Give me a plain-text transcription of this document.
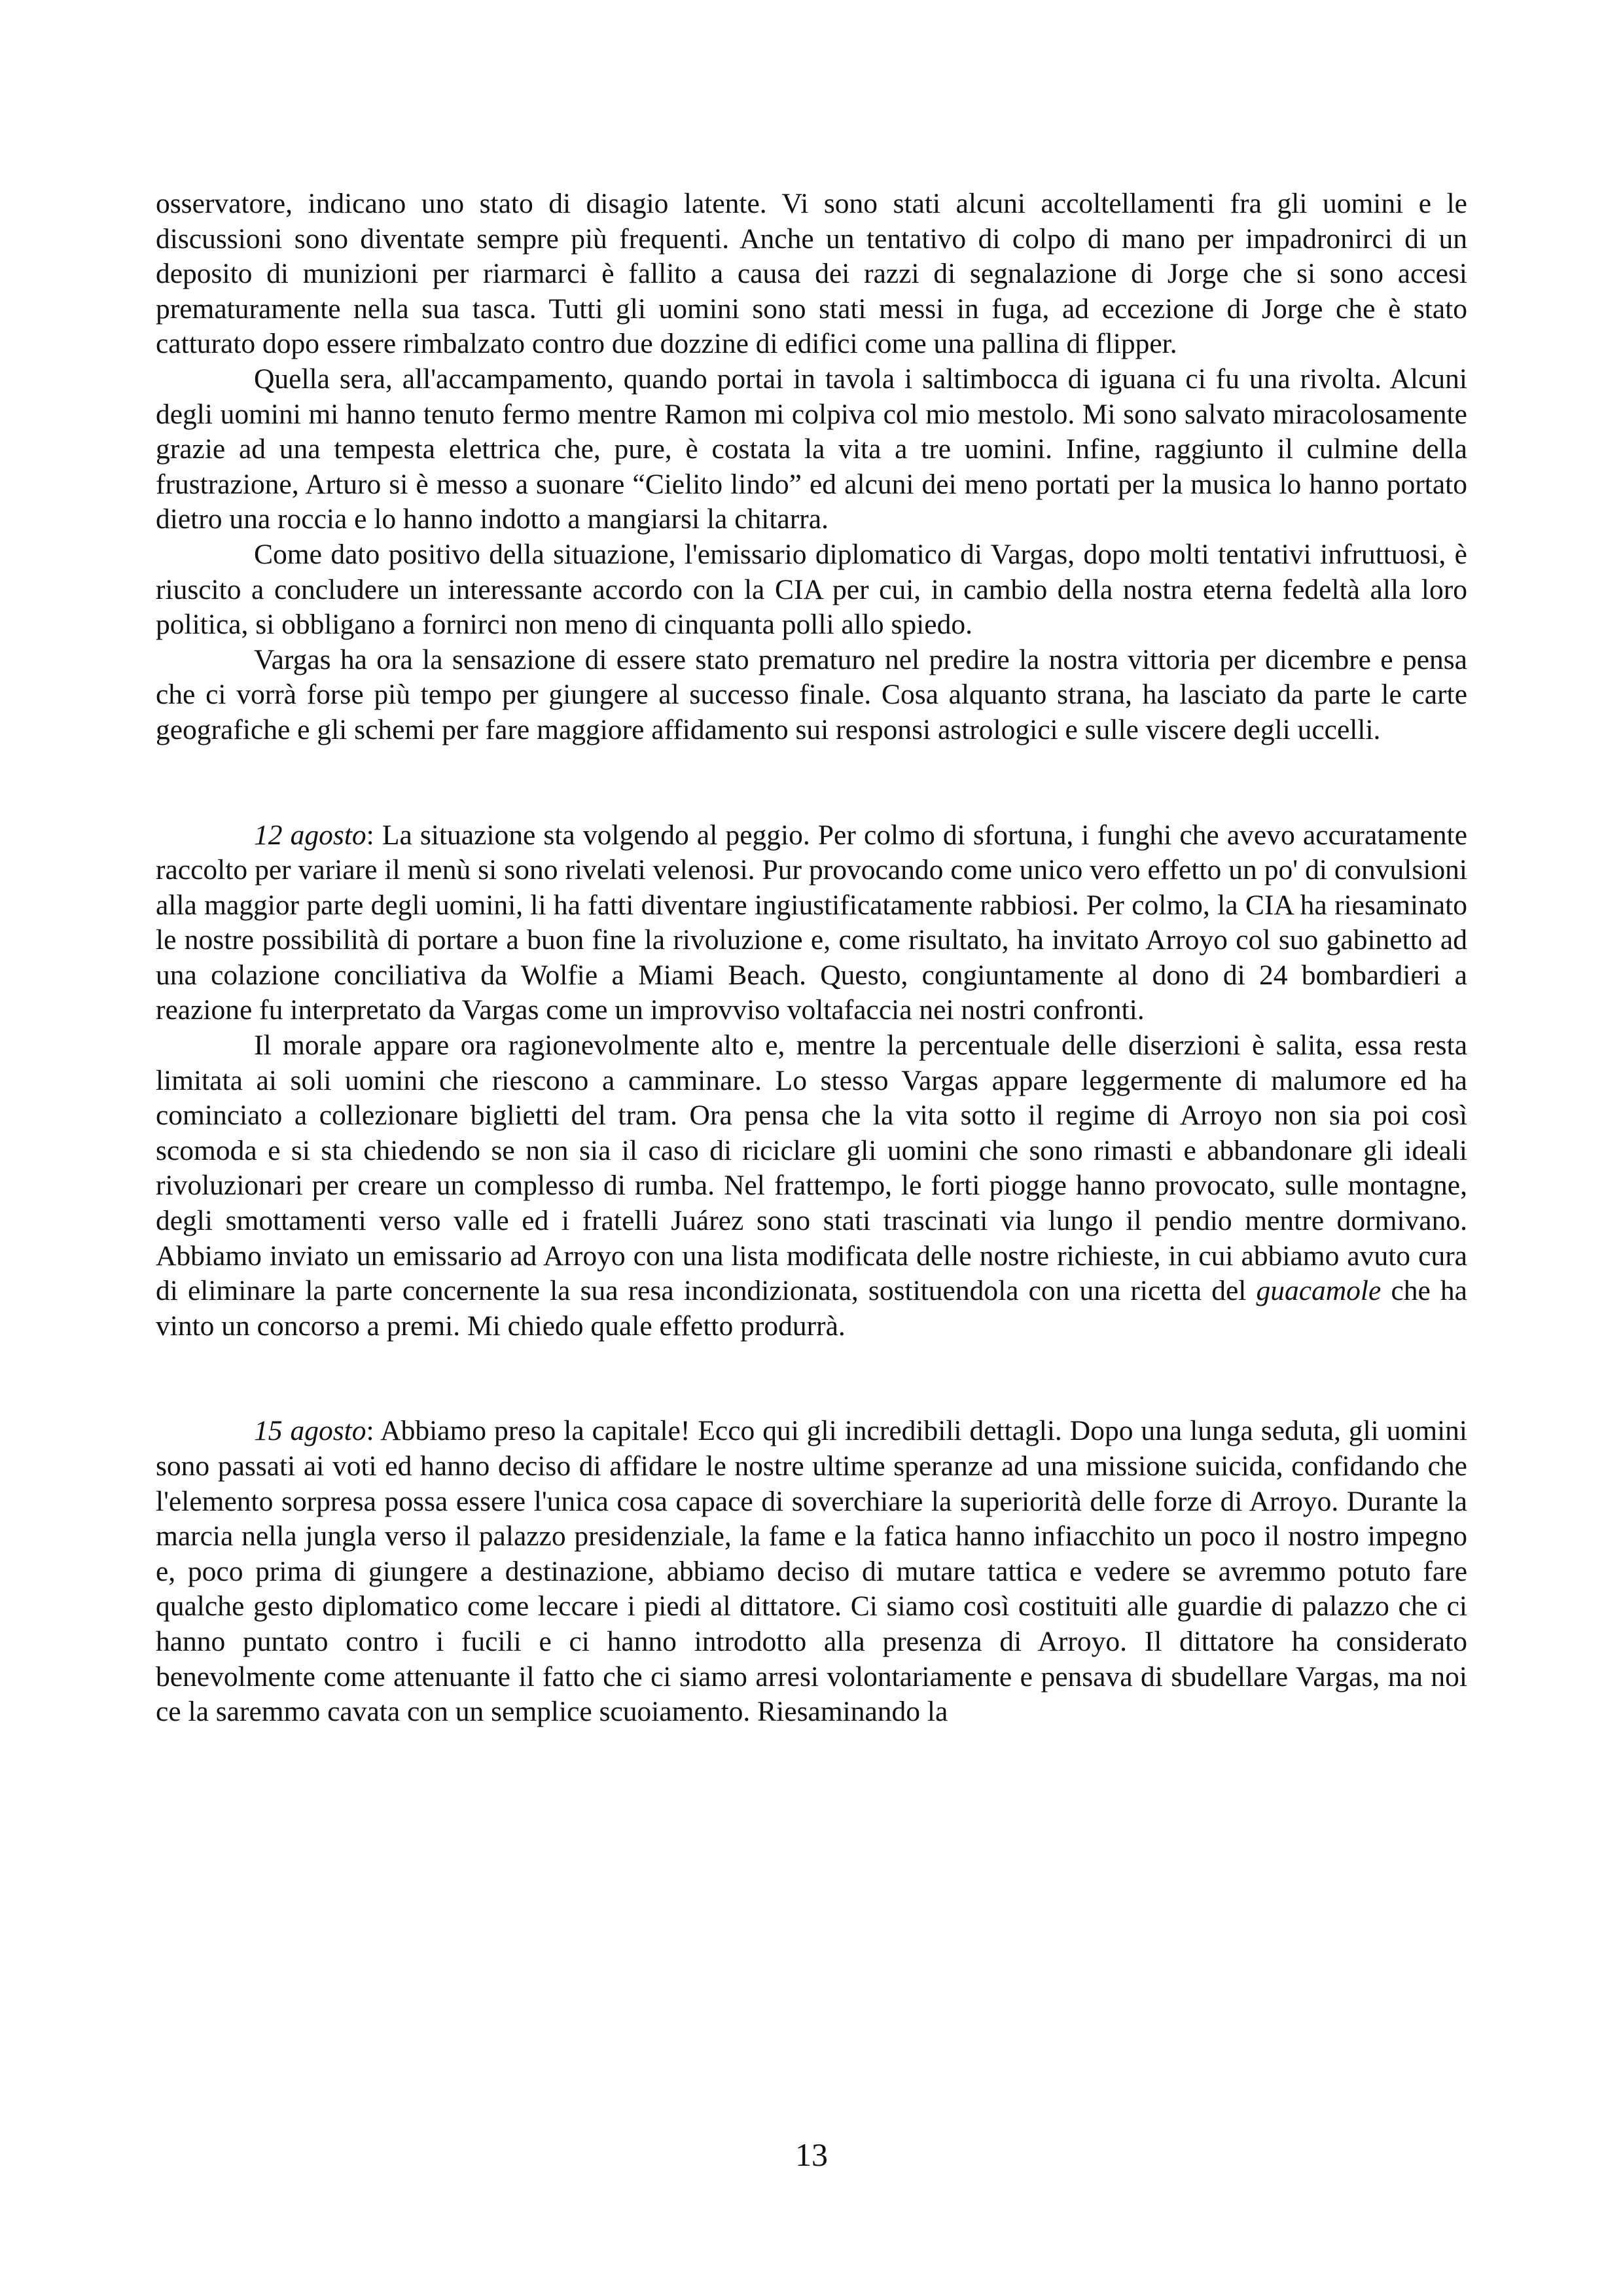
osservatore, indicano uno stato di disagio latente. Vi sono stati alcuni accoltellamenti fra gli uomini e le discussioni sono diventate sempre più frequenti. Anche un tentativo di colpo di mano per impadronirci di un deposito di munizioni per riarmarci è fallito a causa dei razzi di segnalazione di Jorge che si sono accesi prematuramente nella sua tasca. Tutti gli uomini sono stati messi in fuga, ad eccezione di Jorge che è stato catturato dopo essere rimbalzato contro due dozzine di edifici come una pallina di flipper.

Quella sera, all'accampamento, quando portai in tavola i saltimbocca di iguana ci fu una rivolta. Alcuni degli uomini mi hanno tenuto fermo mentre Ramon mi colpiva col mio mestolo. Mi sono salvato miracolosamente grazie ad una tempesta elettrica che, pure, è costata la vita a tre uomini. Infine, raggiunto il culmine della frustrazione, Arturo si è messo a suonare “Cielito lindo” ed alcuni dei meno portati per la musica lo hanno portato dietro una roccia e lo hanno indotto a mangiarsi la chitarra.

Come dato positivo della situazione, l'emissario diplomatico di Vargas, dopo molti tentativi infruttuosi, è riuscito a concludere un interessante accordo con la CIA per cui, in cambio della nostra eterna fedeltà alla loro politica, si obbligano a fornirci non meno di cinquanta polli allo spiedo.

Vargas ha ora la sensazione di essere stato prematuro nel predire la nostra vittoria per dicembre e pensa che ci vorrà forse più tempo per giungere al successo finale. Cosa alquanto strana, ha lasciato da parte le carte geografiche e gli schemi per fare maggiore affidamento sui responsi astrologici e sulle viscere degli uccelli.

12 agosto: La situazione sta volgendo al peggio. Per colmo di sfortuna, i funghi che avevo accuratamente raccolto per variare il menù si sono rivelati velenosi. Pur provocando come unico vero effetto un po' di convulsioni alla maggior parte degli uomini, li ha fatti diventare ingiustificatamente rabbiosi. Per colmo, la CIA ha riesaminato le nostre possibilità di portare a buon fine la rivoluzione e, come risultato, ha invitato Arroyo col suo gabinetto ad una colazione conciliativa da Wolfie a Miami Beach. Questo, congiuntamente al dono di 24 bombardieri a reazione fu interpretato da Vargas come un improvviso voltafaccia nei nostri confronti.

Il morale appare ora ragionevolmente alto e, mentre la percentuale delle diserzioni è salita, essa resta limitata ai soli uomini che riescono a camminare. Lo stesso Vargas appare leggermente di malumore ed ha cominciato a collezionare biglietti del tram. Ora pensa che la vita sotto il regime di Arroyo non sia poi così scomoda e si sta chiedendo se non sia il caso di riciclare gli uomini che sono rimasti e abbandonare gli ideali rivoluzionari per creare un complesso di rumba. Nel frattempo, le forti piogge hanno provocato, sulle montagne, degli smottamenti verso valle ed i fratelli Juárez sono stati trascinati via lungo il pendio mentre dormivano. Abbiamo inviato un emissario ad Arroyo con una lista modificata delle nostre richieste, in cui abbiamo avuto cura di eliminare la parte concernente la sua resa incondizionata, sostituendola con una ricetta del guacamole che ha vinto un concorso a premi. Mi chiedo quale effetto produrrà.

15 agosto: Abbiamo preso la capitale! Ecco qui gli incredibili dettagli. Dopo una lunga seduta, gli uomini sono passati ai voti ed hanno deciso di affidare le nostre ultime speranze ad una missione suicida, confidando che l'elemento sorpresa possa essere l'unica cosa capace di soverchiare la superiorità delle forze di Arroyo. Durante la marcia nella jungla verso il palazzo presidenziale, la fame e la fatica hanno infiacchito un poco il nostro impegno e, poco prima di giungere a destinazione, abbiamo deciso di mutare tattica e vedere se avremmo potuto fare qualche gesto diplomatico come leccare i piedi al dittatore. Ci siamo così costituiti alle guardie di palazzo che ci hanno puntato contro i fucili e ci hanno introdotto alla presenza di Arroyo. Il dittatore ha considerato benevolmente come attenuante il fatto che ci siamo arresi volontariamente e pensava di sbudellare Vargas, ma noi ce la saremmo cavata con un semplice scuoiamento. Riesaminando la

13
